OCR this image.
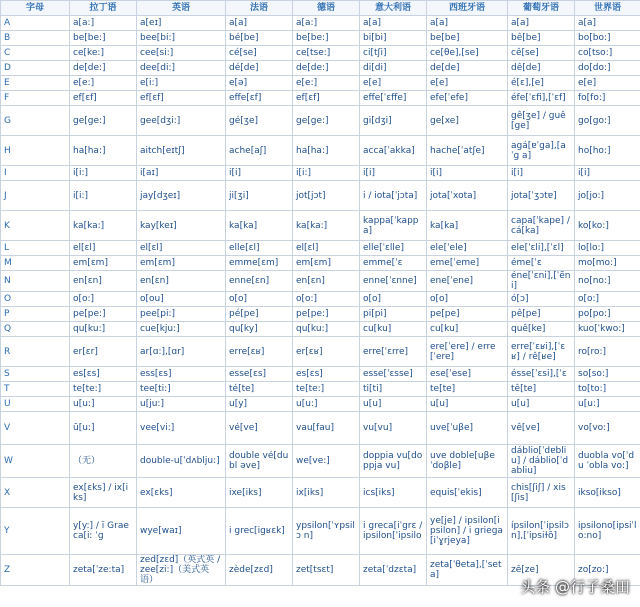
字母	拉丁语	英语	法语	德语	意大利语	西班牙语	葡萄牙语	世界语
A	a[a:]	a[eɪ]	a[a]	a[a:]	a[a]	a[a]	a[a]	a[a]
B	be[be:]	bee[bi:]	bé[be]	be[be:]	bi[bi]	be[be]	bê[be]	bo[bo:]
C	ce[ke:]	cee[si:]	cé[se]	ce[tse:]	ci[tʃi]	ce[θe],[se]	cê[se]	co[tso:]
D	de[de:]	dee[di:]	dé[de]	de[de:]	di[di]	de[de]	dê[de]	do[do:]
E	e[e:]	e[i:]	e[ə]	e[e:]	e[e]	e[e]	é[ɛ],[e]	e[e]
F	ef[ɛf]	ef[ɛf]	effe[ɛf]	ef[ɛf]	effe[ˈɛffe]	efe[ˈefe]	éfe[ˈɛfi],[ˈɛf]	fo[fo:]
G	ge[ge:]	gee[dʒi:]	gé[ʒe]	ge[ge:]	gi[dʒi]	ge[xe]	gê[ʒe] / guê[ge]	go[go:]
H	ha[ha:]	aitch[eɪtʃ]	ache[aʃ]	ha[ha:]	acca[ˈakka]	hache[ˈatʃe]	agá[ɐˈga],[aˈg a]	ho[ho:]
I	i[i:]	i[aɪ]	i[i]	i[i:]	i[i]	i[i]	i[i]	i[i]
J	i[i:]	jay[dʒeɪ]	ji[ʒi]	jot[jɔt]	i / iota[ˈjɔta]	jota[ˈxota]	jota[ˈʒɔtɐ]	jo[jo:]
K	ka[ka:]	kay[keɪ]	ka[ka]	ka[ka:]	kappa[ˈkappa]	ka[ka]	capa[ˈkape] / cá[ka]	ko[ko:]
L	el[ɛl]	el[ɛl]	elle[ɛl]	el[ɛl]	elle[ˈɛlle]	ele[ˈele]	ele[ˈɛli],[ˈɛl]	lo[lo:]
M	em[ɛm]	em[ɛm]	emme[ɛm]	em[ɛm]	emme[ˈɛ	eme[ˈeme]	éme[ˈɛ	mo[mo:]
N	en[ɛn]	en[ɛn]	enne[ɛn]	en[ɛn]	enne[ˈɛnne]	ene[ˈene]	éne[ˈɛni],[ˈẽni]	no[no:]
O	o[o:]	o[ou]	o[o]	o[o:]	o[o]	o[o]	ó[ɔ]	o[o:]
P	pe[pe:]	pee[pi:]	pé[pe]	pe[pe:]	pi[pi]	pe[pe]	pê[pe]	po[po:]
Q	qu[ku:]	cue[kju:]	qu[ky]	qu[ku:]	cu[ku]	cu[ku]	quê[ke]	kuo[ˈkwo:]
R	er[ɛr]	ar[ɑ:],[ɑr]	erre[ɛʁ]	er[ɛʁ]	erre[ˈɛrre]	ere[ˈere] / erre[ˈere]	erre[ˈɛʁi],[ˈɛʁ] / rê[ʁe]	ro[ro:]
S	es[ɛs]	ess[ɛs]	esse[ɛs]	es[ɛs]	esse[ˈɛsse]	ese[ˈese]	ésse[ˈɛsi],[ˈɛ	so[so:]
T	te[te:]	tee[ti:]	té[te]	te[te:]	ti[ti]	te[te]	tê[te]	to[to:]
U	u[u:]	u[ju:]	u[y]	u[u:]	u[u]	u[u]	u[u]	u[u:]
V	ū[u:]	vee[vi:]	vé[ve]	vau[fau]	vu[vu]	uve[ˈuβe]	vê[ve]	vo[vo:]
W	（无）	double-u[ˈdʌblju:]	double vé[dubl əve]	we[ve:]	doppia vu[doppja vu]	uve doble[uβe ˈdoβle]	dáblio[ˈdɐbliu] / dáblio[ˈdabliu]	duobla vo[ˈdu ˈobla vo:]
X	ex[ɛks] / ix[iks]	ex[ɛks]	ixe[iks]	ix[iks]	ics[iks]	equis[ˈekis]	chis[ʃiʃ] / xis[ʃis]	ikso[ikso]
Y	y[y:] / ī Graeca[iː ˈg	wye[waɪ]	i grec[igʁɛk]	ypsilon[ˈʏpsilɔ n]	i greca[iˈgrɛ / ipsilon[ˈipsilo	ye[je] / ipsilon[ipsilon] / i griega[iˈɣrjeya]	ípsilon[ˈipsilɔ n],[ˈipsiɫõ]	ipsilono[ipsiˈl o:no]
Z	zeta[ˈze:ta]	zed[zɛd]（英式英 / zee[zi:]（美式英语）	zède[zɛd]	zet[tsɛt]	zeta[ˈdzɛta]	zeta[ˈθeta],[ˈseta]	zê[ze]	zo[zo:]
头条 @行子桑田
